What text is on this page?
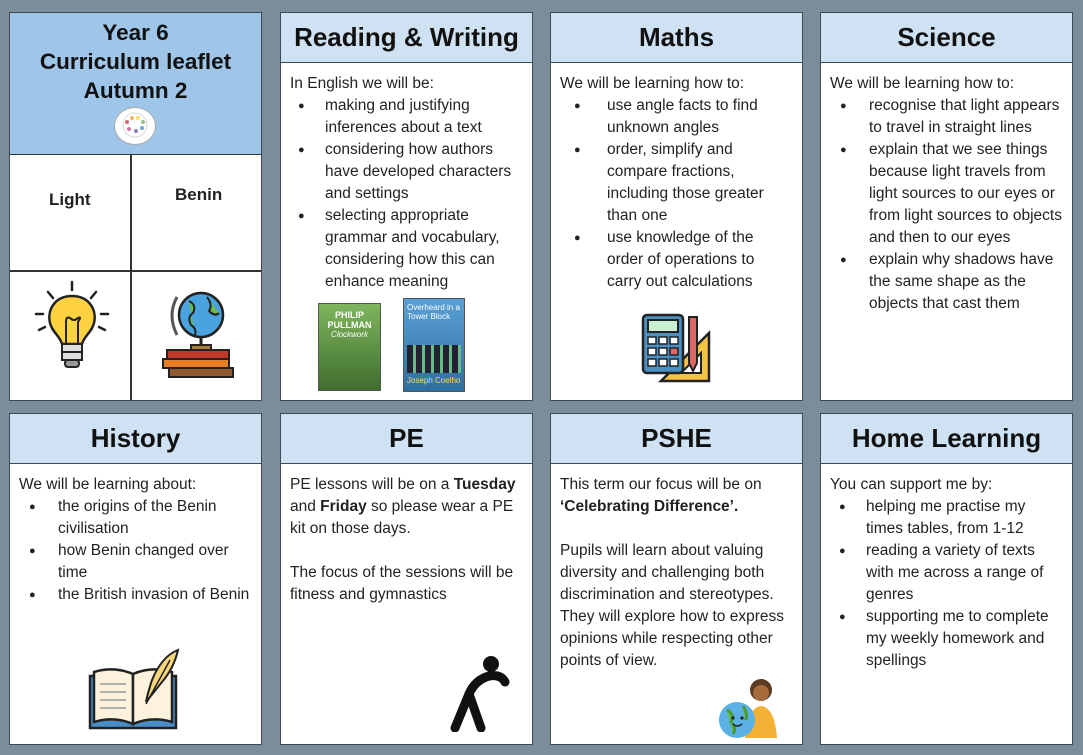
Year 6
Curriculum leaflet
Autumn 2
Light	Benin
Reading & Writing
In English we will be:
● making and justifying inferences about a text
● considering how authors have developed characters and settings
● selecting appropriate grammar and vocabulary, considering how this can enhance meaning
PHILIP PULLMAN
Clockwork
Overheard in a Tower Block
Joseph Coelho
Maths
We will be learning how to:
● use angle facts to find unknown angles
● order, simplify and compare fractions, including those greater than one
● use knowledge of the order of operations to carry out calculations
Science
We will be learning how to:
● recognise that light appears to travel in straight lines
● explain that we see things because light travels from light sources to our eyes or from light sources to objects and then to our eyes
● explain why shadows have the same shape as the objects that cast them
History
We will be learning about:
● the origins of the Benin civilisation
● how Benin changed over time
● the British invasion of Benin
PE

PE lessons will be on a Tuesday and Friday so please wear a PE kit on those days.

The focus of the sessions will be fitness and gymnastics

PSHE

This term our focus will be on ‘Celebrating Difference’.

Pupils will learn about valuing diversity and challenging both discrimination and stereotypes. They will explore how to express opinions while respecting other points of view.

Home Learning
You can support me by:
● helping me practise my times tables, from 1-12
● reading a variety of texts with me across a range of genres
● supporting me to complete my weekly homework and spellings
